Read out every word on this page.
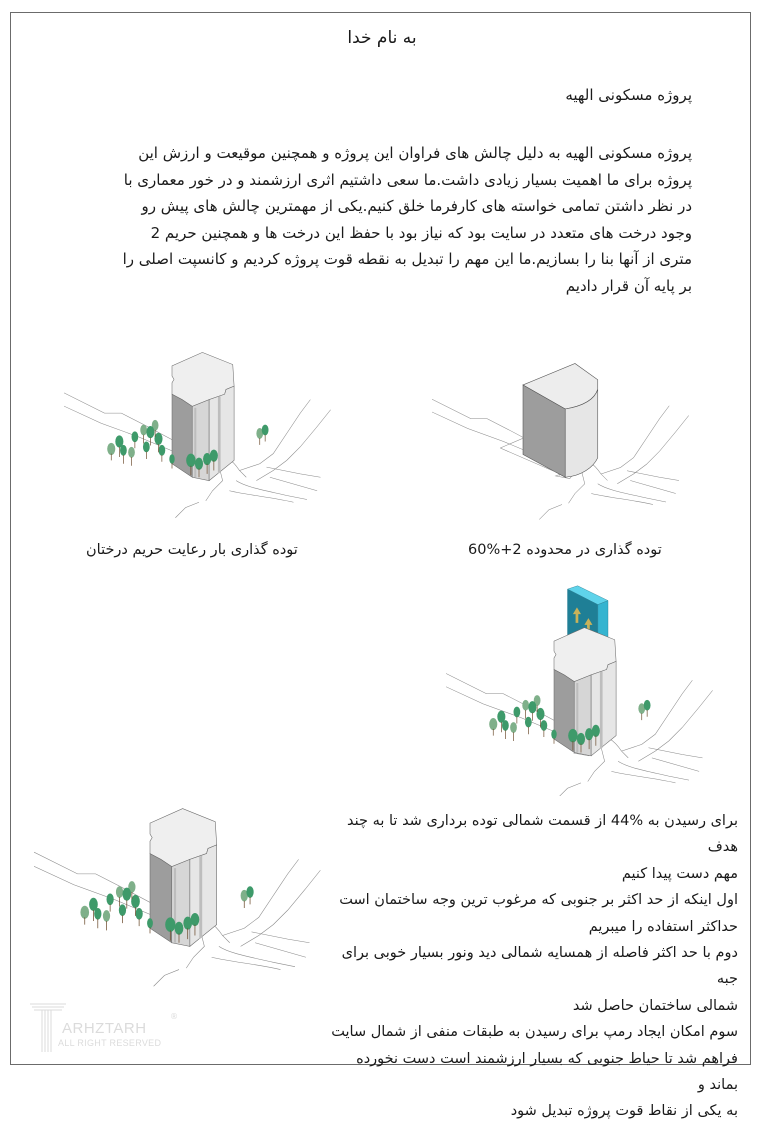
به نام خدا
پروژه مسکونی الهیه
پروژه مسکونی الهیه به دلیل چالش های فراوان این پروژه و همچنین موقیعت و ارزش این
پروژه برای ما اهمیت بسیار زیادی داشت.ما سعی داشتیم اثری ارزشمند و در خور معماری با
در نظر داشتن تمامی خواسته های کارفرما خلق کنیم.یکی از مهمترین چالش های پیش رو
وجود درخت های متعدد در سایت بود که نیاز بود با حفظ این درخت ها و همچنین حریم 2
متری از آنها بنا را بسازیم.ما این مهم را تبدیل به نقطه قوت پروژه کردیم و کانسپت اصلی را
بر پایه آن قرار دادیم
توده گذاری بار رعایت حریم درختان	توده گذاری در محدوده 2+%60

برای رسیدن به %44 از قسمت شمالی توده برداری شد تا به چند هدف

مهم دست پیدا کنیم

اول اینکه از حد اکثر بر جنوبی که مرغوب ترین وجه ساختمان است

حداکثر استفاده را میبریم

دوم با حد اکثر فاصله از همسایه شمالی دید ونور بسیار خوبی برای جبه

شمالی ساختمان حاصل شد

سوم امکان ایجاد رمپ برای رسیدن به طبقات منفی از شمال سایت

فراهم شد تا حیاط جنوبی که بسیار ارزشمند است دست نخورده بماند و

به یکی از نقاط قوت پروژه تبدیل شود

ARHZTARH
ALL RIGHT RESERVED
®
